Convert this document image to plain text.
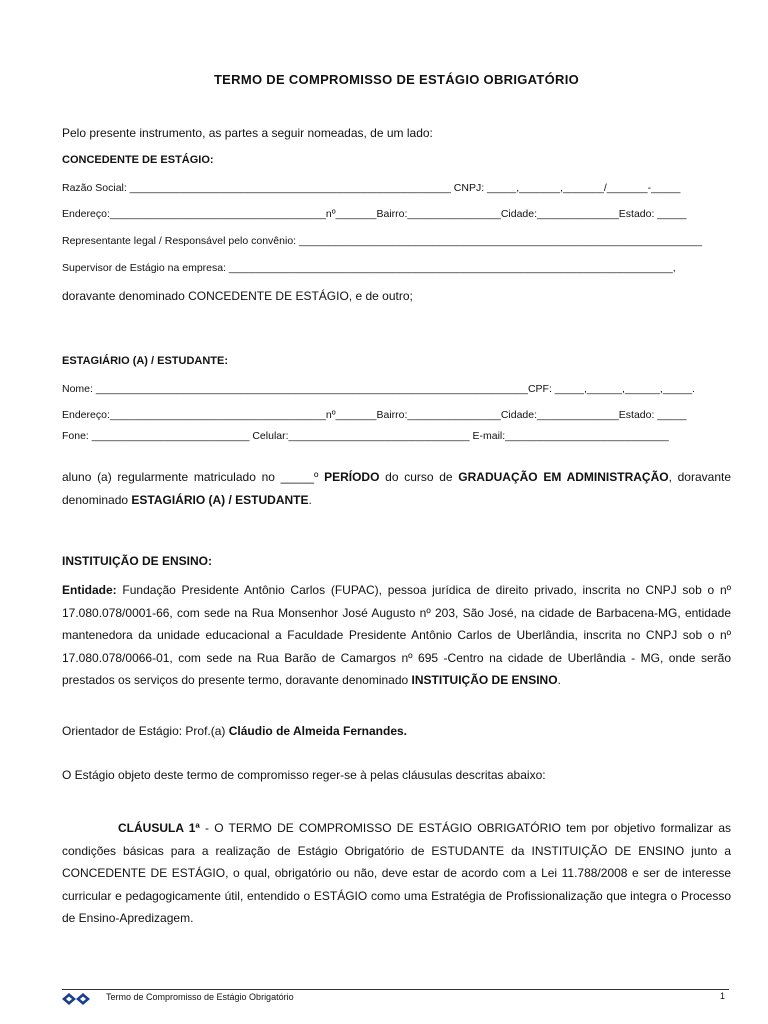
TERMO DE COMPROMISSO DE ESTÁGIO OBRIGATÓRIO
Pelo presente instrumento, as partes a seguir nomeadas, de um lado:
CONCEDENTE DE ESTÁGIO:
Razão Social: _______________________________________________________ CNPJ: _____,_______,_______/_______-_____
Endereço:_____________________________________nº_______Bairro:________________Cidade:______________Estado: _____
Representante legal / Responsável pelo convênio: _____________________________________________________________________
Supervisor de Estágio na empresa: ____________________________________________________________________________,
doravante denominado CONCEDENTE DE ESTÁGIO, e de outro;
ESTAGIÁRIO (A) / ESTUDANTE:
Nome: __________________________________________________________________________CPF: _____,______,______,_____.
Endereço:_____________________________________nº_______Bairro:________________Cidade:______________Estado: _____
Fone: ___________________________ Celular:_______________________________ E-mail:____________________________
aluno (a) regularmente matriculado no _____º PERÍODO do curso de GRADUAÇÃO EM ADMINISTRAÇÃO, doravante denominado ESTAGIÁRIO (A) / ESTUDANTE.
INSTITUIÇÃO DE ENSINO:
Entidade: Fundação Presidente Antônio Carlos (FUPAC), pessoa jurídica de direito privado, inscrita no CNPJ sob o nº 17.080.078/0001-66, com sede na Rua Monsenhor José Augusto nº 203, São José, na cidade de Barbacena-MG, entidade mantenedora da unidade educacional a Faculdade Presidente Antônio Carlos de Uberlândia, inscrita no CNPJ sob o nº 17.080.078/0066-01, com sede na Rua Barão de Camargos nº 695 -Centro na cidade de Uberlândia - MG, onde serão prestados os serviços do presente termo, doravante denominado INSTITUIÇÃO DE ENSINO.
Orientador de Estágio: Prof.(a) Cláudio de Almeida Fernandes.
O Estágio objeto deste termo de compromisso reger-se à pelas cláusulas descritas abaixo:
CLÁUSULA 1ª - O TERMO DE COMPROMISSO DE ESTÁGIO OBRIGATÓRIO tem por objetivo formalizar as condições básicas para a realização de Estágio Obrigatório de ESTUDANTE da INSTITUIÇÃO DE ENSINO junto a CONCEDENTE DE ESTÁGIO, o qual, obrigatório ou não, deve estar de acordo com a Lei 11.788/2008 e ser de interesse curricular e pedagogicamente útil, entendido o ESTÁGIO como uma Estratégia de Profissionalização que integra o Processo de Ensino-Apredizagem.
Termo de Compromisso de Estágio Obrigatório	1
